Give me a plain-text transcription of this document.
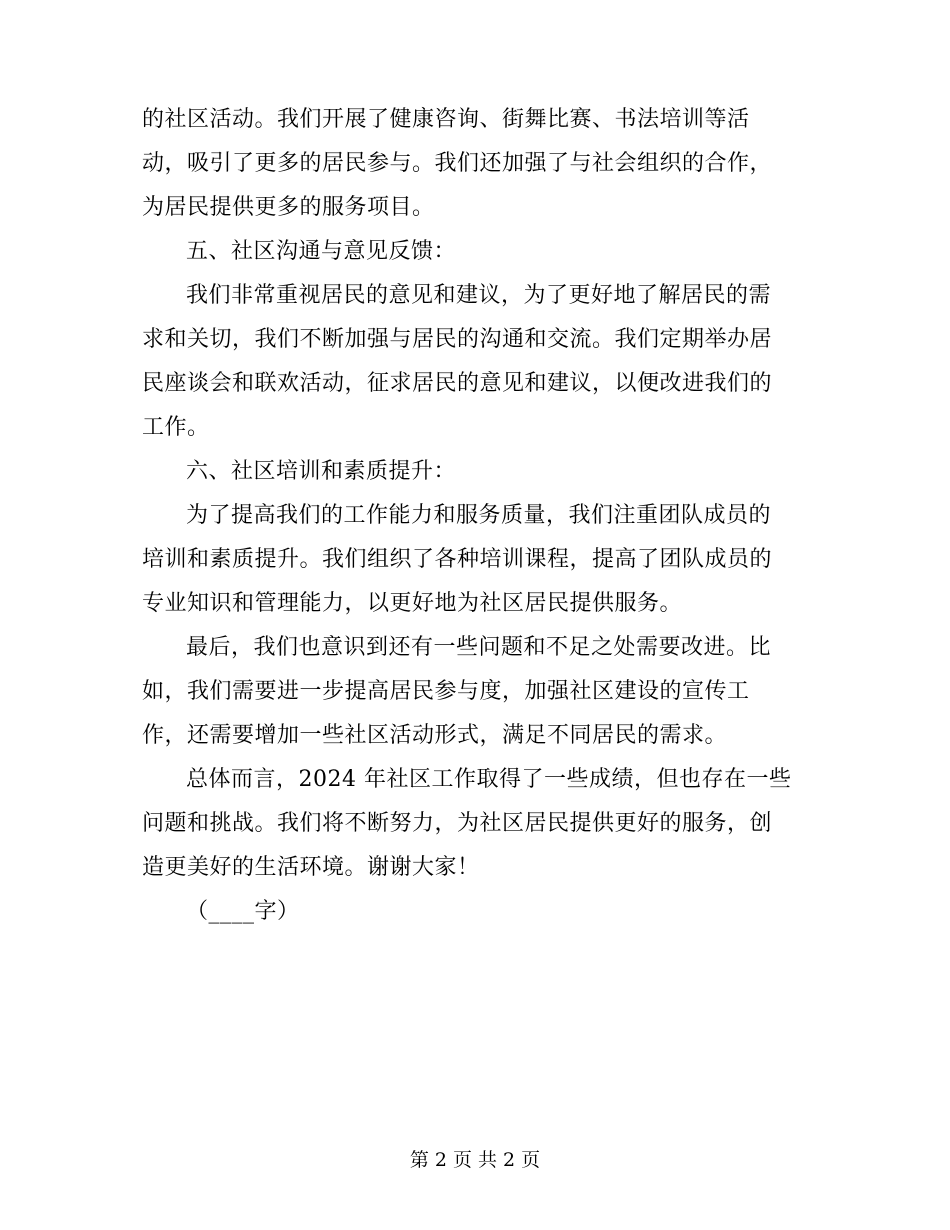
的社区活动。我们开展了健康咨询、街舞比赛、书法培训等活
动，吸引了更多的居民参与。我们还加强了与社会组织的合作，
为居民提供更多的服务项目。
五、社区沟通与意见反馈：
我们非常重视居民的意见和建议，为了更好地了解居民的需
求和关切，我们不断加强与居民的沟通和交流。我们定期举办居
民座谈会和联欢活动，征求居民的意见和建议，以便改进我们的
工作。
六、社区培训和素质提升：
为了提高我们的工作能力和服务质量，我们注重团队成员的
培训和素质提升。我们组织了各种培训课程，提高了团队成员的
专业知识和管理能力，以更好地为社区居民提供服务。
最后，我们也意识到还有一些问题和不足之处需要改进。比
如，我们需要进一步提高居民参与度，加强社区建设的宣传工
作，还需要增加一些社区活动形式，满足不同居民的需求。
总体而言，2024 年社区工作取得了一些成绩，但也存在一些
问题和挑战。我们将不断努力，为社区居民提供更好的服务，创
造更美好的生活环境。谢谢大家！
（____字）
第 2 页 共 2 页
